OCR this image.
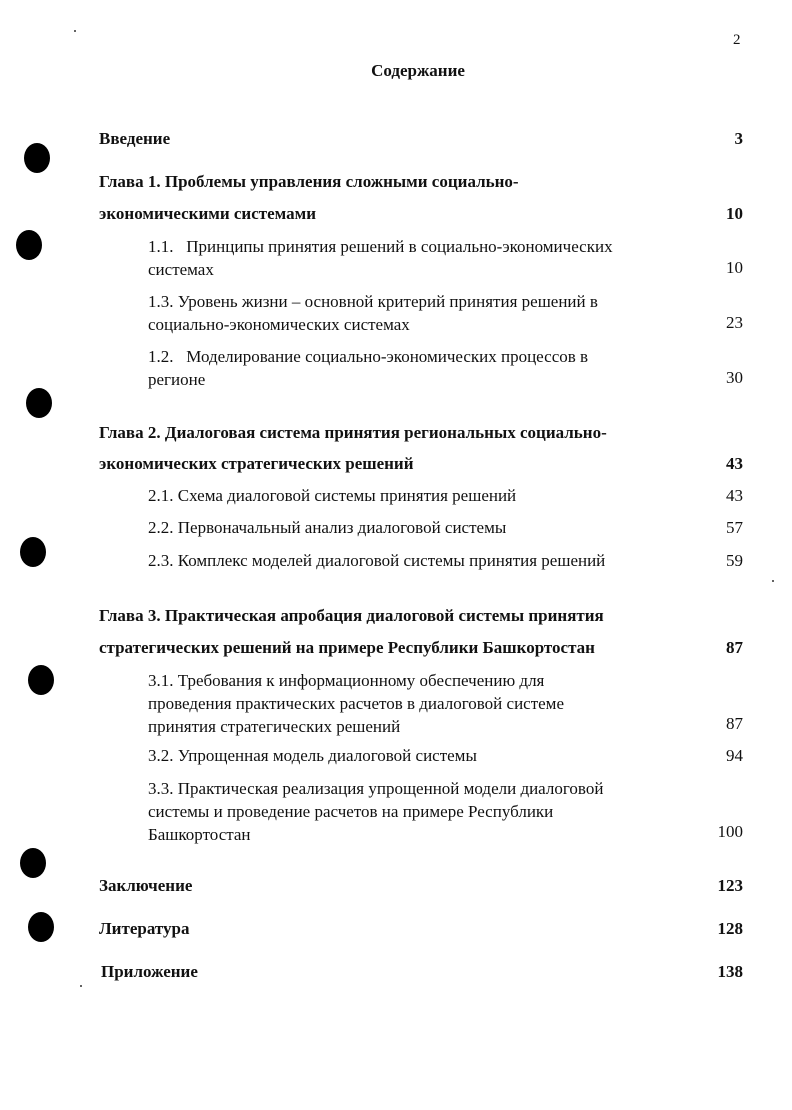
2
Содержание
Введение	3
Глава 1. Проблемы управления сложными социально-
экономическими системами	10
1.1.   Принципы принятия решений в социально-экономических
системах	10
1.3. Уровень жизни – основной критерий принятия решений в
социально-экономических системах	23
1.2.   Моделирование социально-экономических процессов в
регионе	30
Глава 2. Диалоговая система принятия региональных социально-
экономических стратегических решений	43
2.1. Схема диалоговой системы принятия решений	43
2.2. Первоначальный анализ диалоговой системы	57
2.3. Комплекс моделей диалоговой системы принятия решений	59
Глава 3. Практическая апробация диалоговой системы принятия
стратегических решений на примере Республики Башкортостан	87
3.1. Требования к информационному обеспечению для
проведения практических расчетов в диалоговой системе
принятия стратегических решений	87
3.2. Упрощенная модель диалоговой системы	94
3.3. Практическая реализация упрощенной модели диалоговой
системы и проведение расчетов на примере Республики
Башкортостан	100
Заключение	123
Литература	128
Приложение	138
